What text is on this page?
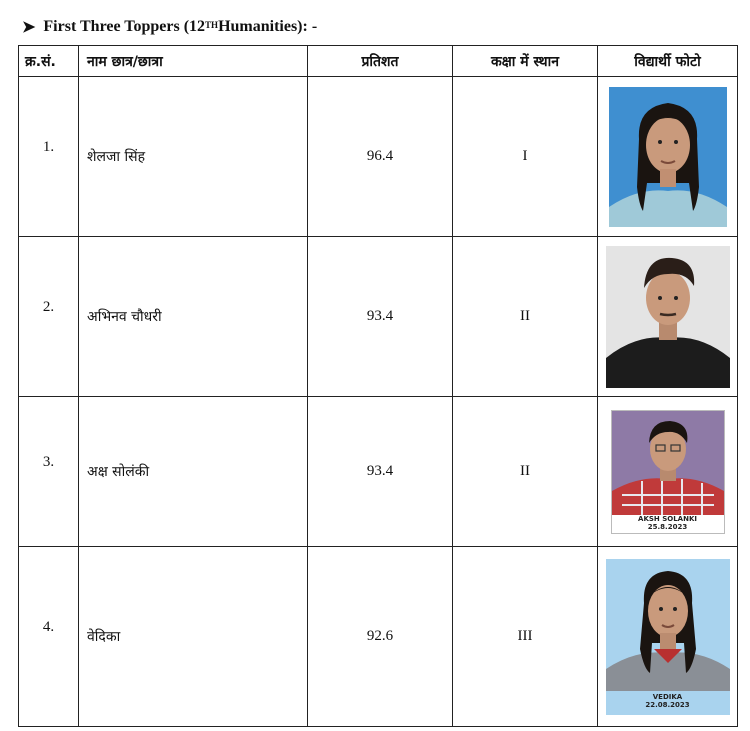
➤ First Three Toppers (12TH Humanities): -
क्र.सं.	नाम छात्र/छात्रा	प्रतिशत	कक्षा में स्थान	विद्यार्थी फोटो
1.	शेलजा सिंह	96.4	I	

2.	अभिनव चौधरी	93.4	II	

3.	अक्ष सोलंकी	93.4	II	AKSH SOLANKI
25.8.2023

4.	वेदिका	92.6	III	VEDIKA
22.08.2023
